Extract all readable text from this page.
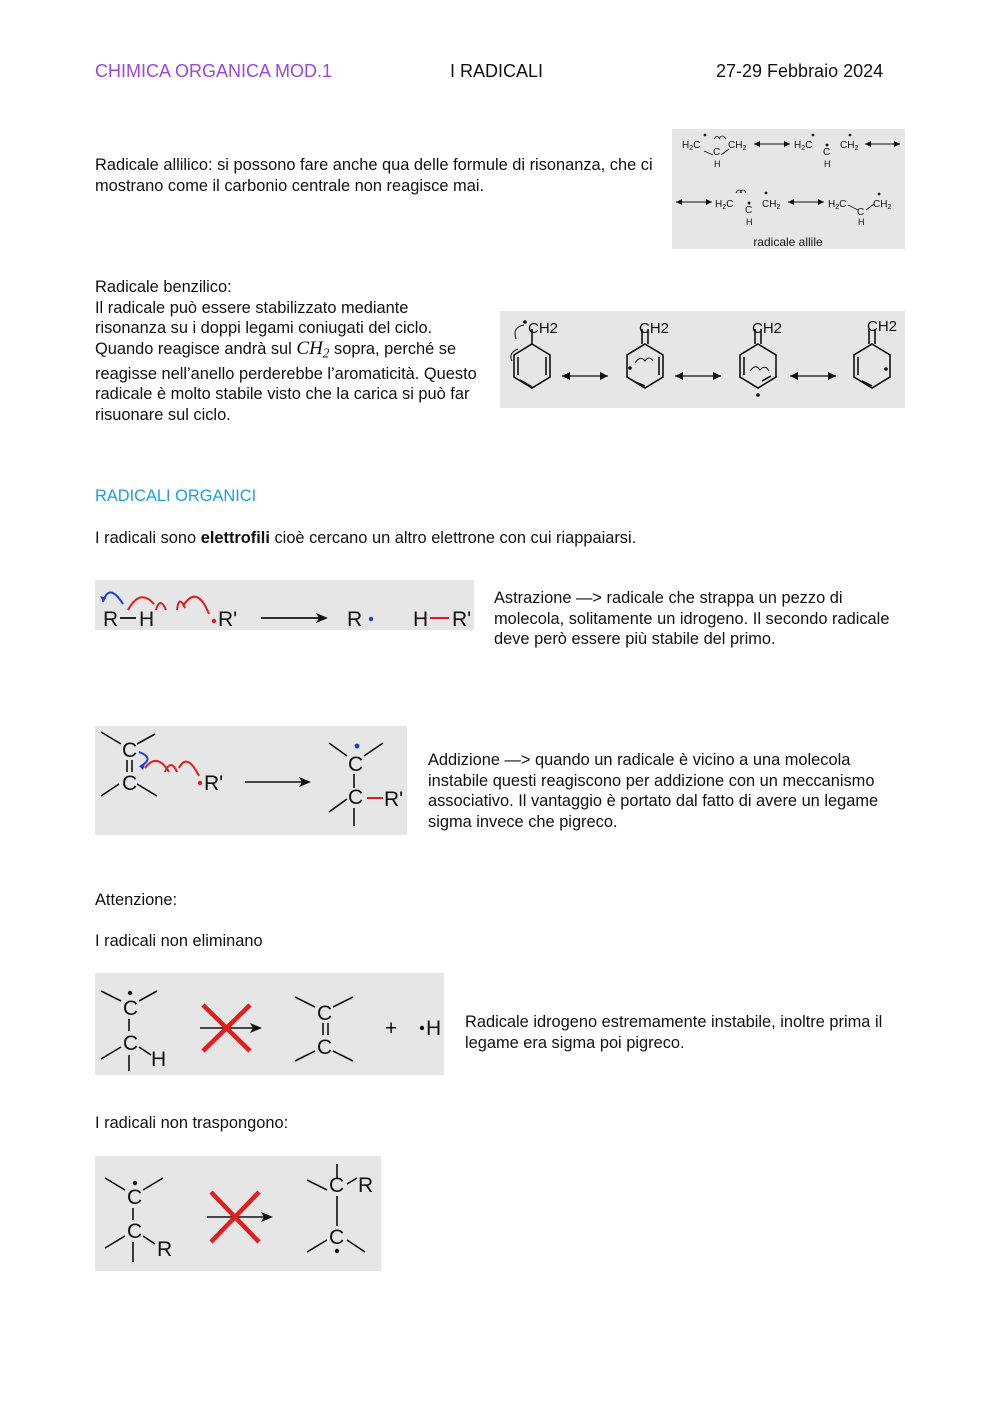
CHIMICA ORGANICA MOD.1	I RADICALI	27-29 Febbraio 2024
Radicale allilico: si possono fare anche qua delle formule di risonanza, che ci mostrano come il carbonio centrale non reagisce mai.
$H_2C$
C
H
$CH_2$	$H_2C$
C
H
$CH_2$
$H_2C$
C
H
$CH_2$	$H_2C$
C
H
$CH_2$
radicale allile
Radicale benzilico:
Il radicale può essere stabilizzato mediante risonanza su i doppi legami coniugati del ciclo. Quando reagisce andrà sul $CH_2$ sopra, perché se reagisse nell’anello perderebbe l’aromaticità. Questo radicale è molto stabile visto che la carica si può far risuonare sul ciclo.
CH2	CH2	CH2	CH2
RADICALI ORGANICI
I radicali sono elettrofili cioè cercano un altro elettrone con cui riappaiarsi.
R H	R'	R H R'
Astrazione —> radicale che strappa un pezzo di molecola, solitamente un idrogeno. Il secondo radicale deve però essere più stabile del primo.
C
C	R'
C
C R'
Addizione —> quando un radicale è vicino a una molecola instabile questi reagiscono per addizione con un meccanismo associativo. Il vantaggio è portato dal fatto di avere un legame sigma invece che pigreco.
Attenzione:
I radicali non eliminano
C
C
H
C
C
+ H Radicale idrogeno estremamente instabile, inoltre prima il legame era sigma poi pigreco.
I radicali non traspongono:
C
C
R
C R
C
